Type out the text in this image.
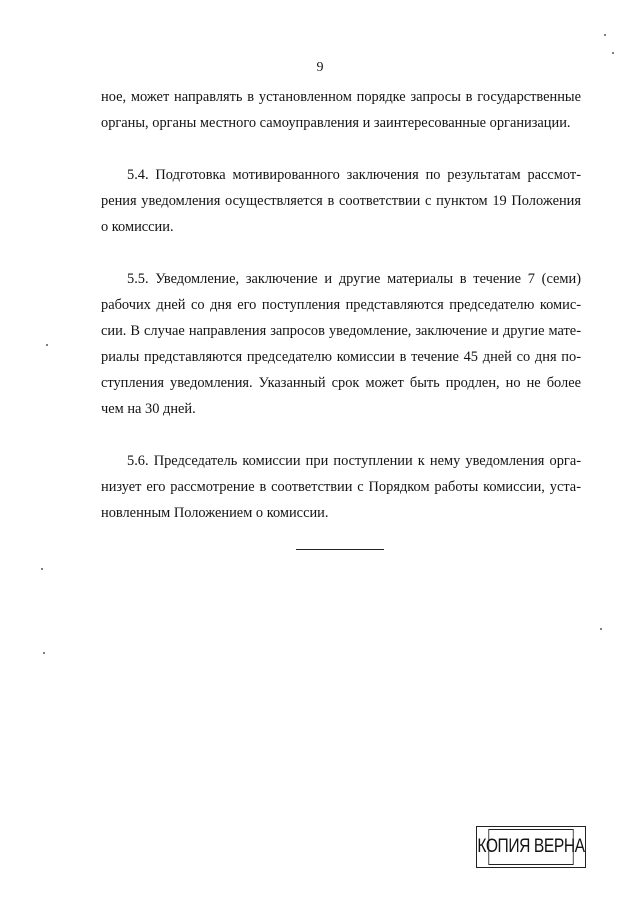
9
ное, может направлять в установленном порядке запросы в государственные
органы, органы местного самоуправления и заинтересованные организации.
5.4. Подготовка мотивированного заключения по результатам рассмот-
рения уведомления осуществляется в соответствии с пунктом 19 Положения
о комиссии.
5.5. Уведомление, заключение и другие материалы в течение 7 (семи)
рабочих дней со дня его поступления представляются председателю комис-
сии. В случае направления запросов уведомление, заключение и другие мате-
риалы представляются председателю комиссии в течение 45 дней со дня по-
ступления уведомления. Указанный срок может быть продлен, но не более
чем на 30 дней.
5.6. Председатель комиссии при поступлении к нему уведомления орга-
низует его рассмотрение в соответствии с Порядком работы комиссии, уста-
новленным Положением о комиссии.
КОПИЯ ВЕРНА
